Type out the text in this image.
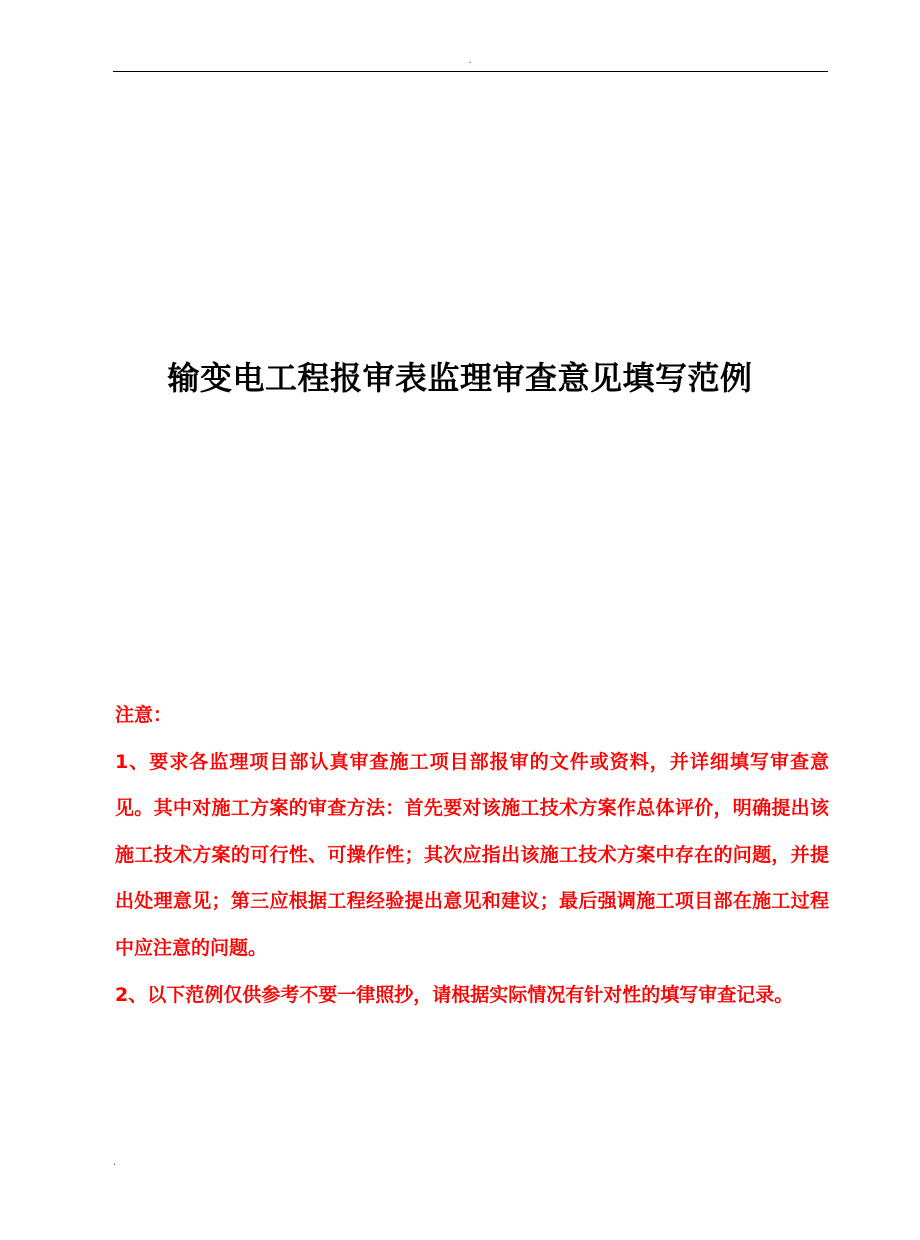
.
输变电工程报审表监理审查意见填写范例

注意：

1、要求各监理项目部认真审查施工项目部报审的文件或资料，并详细填写审查意见。其中对施工方案的审查方法：首先要对该施工技术方案作总体评价，明确提出该施工技术方案的可行性、可操作性；其次应指出该施工技术方案中存在的问题，并提出处理意见；第三应根据工程经验提出意见和建议；最后强调施工项目部在施工过程中应注意的问题。

2、以下范例仅供参考不要一律照抄，请根据实际情况有针对性的填写审查记录。

.
